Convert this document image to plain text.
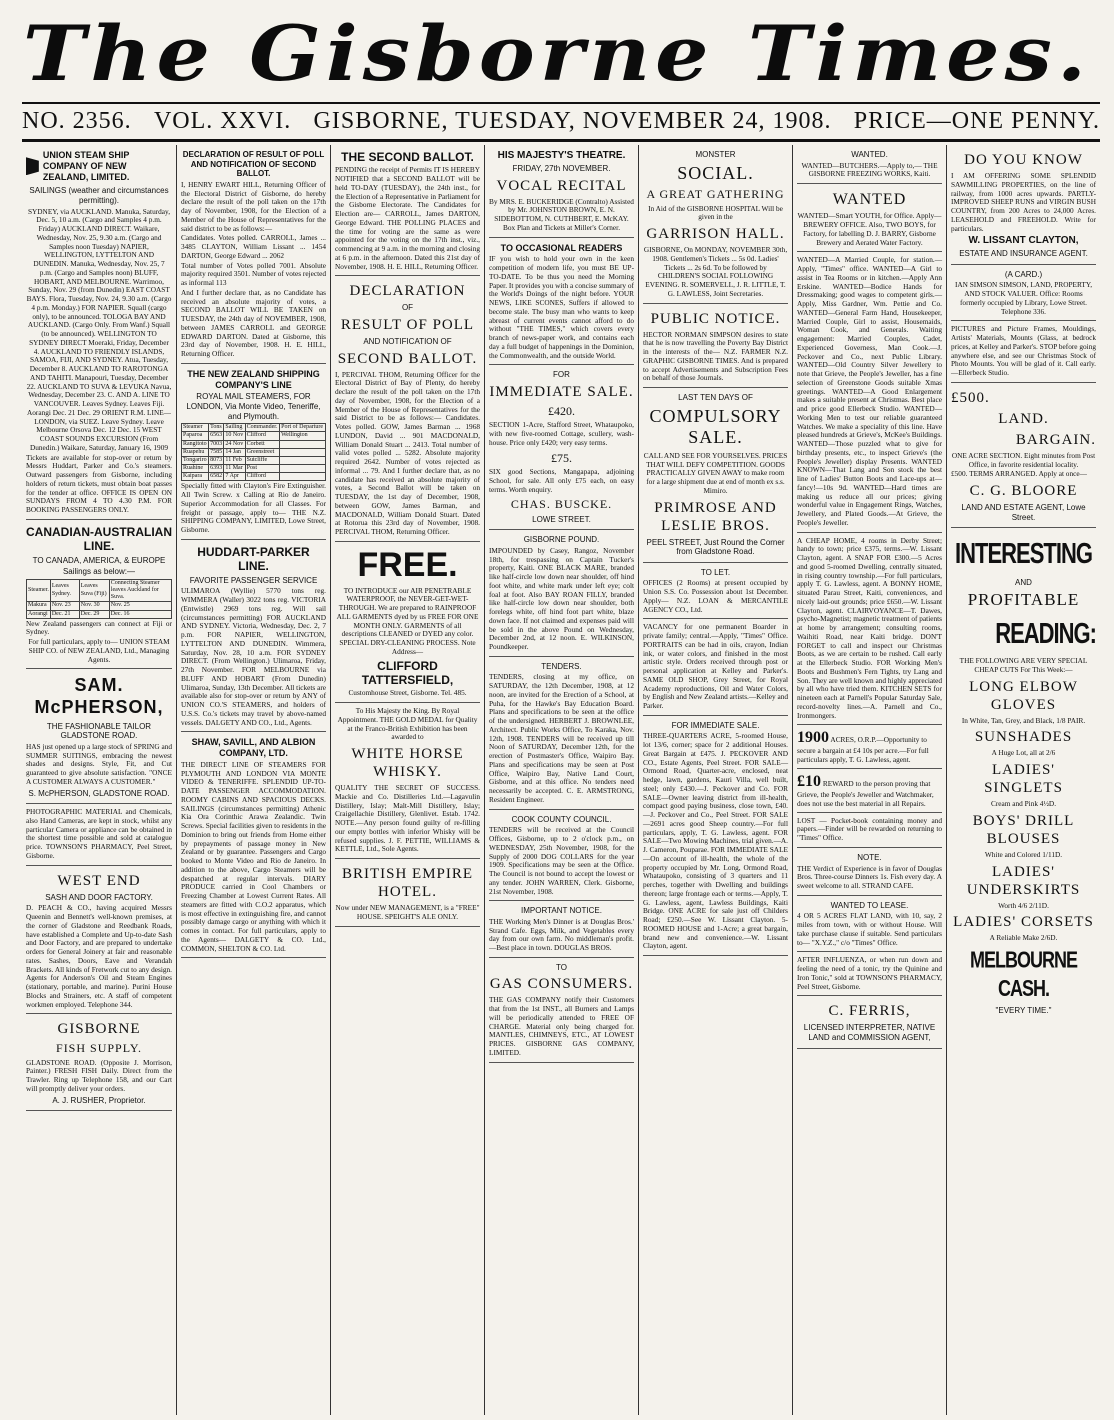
The Gisborne Times.
NO. 2356. VOL. XXVI. GISBORNE, TUESDAY, NOVEMBER 24, 1908. PRICE—ONE PENNY.
UNION STEAM SHIP COMPANY OF NEW ZEALAND, LIMITED.
SAILINGS (weather and circumstances permitting).
SYDNEY, via AUCKLAND. Manuka, Saturday, Dec. 5, 10 a.m. (Cargo and Samples 4 p.m. Friday) AUCKLAND DIRECT. Waikare, Wednesday, Nov. 25, 9.30 a.m. (Cargo and Samples noon Tuesday) NAPIER, WELLINGTON, LYTTELTON AND DUNEDIN. Manuka, Wednesday, Nov. 25, 7 p.m. (Cargo and Samples noon) BLUFF, HOBART, AND MELBOURNE. Warrimoo, Sunday, Nov. 29 (from Dunedin) EAST COAST BAYS. Flora, Tuesday, Nov. 24, 9.30 a.m. (Cargo 4 p.m. Monday.) FOR NAPIER. Squall (cargo only), to be announced. TOLOGA BAY AND AUCKLAND. (Cargo Only. From Wanf.) Squall (to be announced). WELLINGTON TO SYDNEY DIRECT Moeraki, Friday, December 4. AUCKLAND TO FRIENDLY ISLANDS, SAMOA, FIJI, AND SYDNEY. Atua, Tuesday, December 8. AUCKLAND TO RAROTONGA AND TAHITI. Manapouri, Tuesday, December 22. AUCKLAND TO SUVA & LEVUKA Navua, Wednesday, December 23. C. AND A. LINE TO VANCOUVER. Leaves Sydney. Leaves Fiji. Aorangi Dec. 21 Dec. 29 ORIENT R.M. LINE—LONDON, via SUEZ. Leave Sydney. Leave Melbourne Orsova Dec. 12 Dec. 15 WEST COAST SOUNDS EXCURSION (From Dunedin.) Waikare, Saturday, January 16, 1909
Tickets are available for stop-over or return by Messrs Huddart, Parker and Co.'s steamers. Outward passengers from Gisborne, including holders of return tickets, must obtain boat passes for the tender at office. OFFICE IS OPEN ON SUNDAYS FROM 4 TO 4.30 P.M. FOR BOOKING PASSENGERS ONLY.
CANADIAN-AUSTRALIAN LINE.
TO CANADA, AMERICA, & EUROPE
Sailings as below:—
Steamer.	Leaves Sydney.	Leaves Suva (Fiji)	Connecting Steamer leaves Auckland for Suva.
Makura	Nov. 23	Nov. 30	Nov. 25
Aorangi	Dec. 21	Dec. 29	Dec. 16
New Zealand passengers can connect at Fiji or Sydney.
For full particulars, apply to— UNION STEAM SHIP CO. of NEW ZEALAND, Ltd., Managing Agents.
SAM. McPHERSON,
THE FASHIONABLE TAILOR GLADSTONE ROAD.
HAS just opened up a large stock of SPRING and SUMMER SUITINGS, embracing the newest shades and designs. Style, Fit, and Cut guaranteed to give absolute satisfaction. "ONCE A CUSTOMER ALWAYS A CUSTOMER."
S. McPHERSON, GLADSTONE ROAD.
PHOTOGRAPHIC MATERIAL and Chemicals, also Hand Cameras, are kept in stock, whilst any particular Camera or appliance can be obtained in the shortest time possible and sold at catalogue price. TOWNSON'S PHARMACY, Peel Street, Gisborne.
WEST END
SASH AND DOOR FACTORY.
D. PEACH & CO., having acquired Messrs Queenin and Bennett's well-known premises, at the corner of Gladstone and Reedbank Roads, have established a Complete and Up-to-date Sash and Door Factory, and are prepared to undertake orders for General Joinery at fair and reasonable rates. Sashes, Doors, Eave and Verandah Brackets. All kinds of Fretwork cut to any design. Agents for Anderson's Oil and Steam Engines (stationary, portable, and marine). Purini House Blocks and Strainers, etc. A staff of competent workmen employed. Telephone 344.
GISBORNE
FISH SUPPLY.
GLADSTONE ROAD. (Opposite J. Morrison, Painter.) FRESH FISH Daily. Direct from the Trawler. Ring up Telephone 158, and our Cart will promptly deliver your orders.
A. J. RUSHER, Proprietor.
DECLARATION OF RESULT OF POLL AND NOTIFICATION OF SECOND BALLOT.
I, HENRY EWART HILL, Returning Officer of the Electoral District of Gisborne, do hereby declare the result of the poll taken on the 17th day of November, 1908, for the Election of a Member of the House of Representatives for the said district to be as follows:—
Candidates. Votes polled. CARROLL, James ... 3485 CLAYTON, William Lissant ... 1454 DARTON, George Edward ... 2062
Total number of Votes polled 7001. Absolute majority required 3501. Number of votes rejected as informal 113
And I further declare that, as no Candidate has received an absolute majority of votes, a SECOND BALLOT WILL BE TAKEN on TUESDAY, the 24th day of NOVEMBER, 1908, between JAMES CARROLL and GEORGE EDWARD DARTON. Dated at Gisborne, this 23rd day of November, 1908. H. E. HILL, Returning Officer.
THE NEW ZEALAND SHIPPING COMPANY'S LINE
ROYAL MAIL STEAMERS, FOR LONDON, Via Monte Video, Teneriffe, and Plymouth.
Steamer	Tons	Sailing	Commander.	Port of Departure
Paparoa	6563	10 Nov	Clifford	Wellington
Rangitoto	7003	24 Nov	Corbett	
Ruapehu	7585	14 Jan	Greenstreet	
Tongariro	8073	11 Feb	Sutcliffe	
Ruahine	6393	11 Mar	Post	
Kaipara	6582	7 Apr	Clifford	
Specially fitted with Clayton's Fire Extinguisher. All Twin Screw. x Calling at Rio de Janeiro. Superior Accommodation for all Classes. For freight or passage, apply to— THE N.Z. SHIPPING COMPANY, LIMITED, Lowe Street, Gisborne.
HUDDART-PARKER LINE.
FAVORITE PASSENGER SERVICE
ULIMAROA (Wyllie) 5770 tons reg. WIMMERA (Waller) 3022 tons reg. VICTORIA (Entwistle) 2969 tons reg. Will sail (circumstances permitting) FOR AUCKLAND AND SYDNEY. Victoria, Wednesday, Dec. 2, 7 p.m. FOR NAPIER, WELLINGTON, LYTTELTON AND DUNEDIN. Wimmera, Saturday, Nov. 28, 10 a.m. FOR SYDNEY DIRECT. (From Wellington.) Ulimaroa, Friday, 27th November. FOR MELBOURNE via BLUFF AND HOBART (From Dunedin) Ulimaroa, Sunday, 13th December. All tickets are available also for stop-over or return by ANY of UNION CO.'S STEAMERS, and holders of U.S.S. Co.'s tickets may travel by above-named vessels. DALGETY AND CO., Ltd., Agents.
SHAW, SAVILL, AND ALBION COMPANY, LTD.
THE DIRECT LINE OF STEAMERS FOR PLYMOUTH AND LONDON VIA MONTE VIDEO & TENERIFFE. SPLENDID UP-TO-DATE PASSENGER ACCOMMODATION. ROOMY CABINS AND SPACIOUS DECKS. SAILINGS (circumstances permitting) Athenic Kia Ora Corinthic Arawa Zealandic. Twin Screws. Special facilities given to residents in the Dominion to bring out friends from Home either by prepayments of passage money in New Zealand or by guarantee. Passengers and Cargo booked to Monte Video and Rio de Janeiro. In addition to the above, Cargo Steamers will be despatched at regular intervals. DIARY PRODUCE carried in Cool Chambers or Freezing Chamber at Lowest Current Rates. All steamers are fitted with C.O.2 apparatus, which is most effective in extinguishing fire, and cannot possibly damage cargo or anything with which it comes in contact. For full particulars, apply to the Agents— DALGETY & CO. Ltd., COMMON, SHELTON & CO. Ltd.
THE SECOND BALLOT.
PENDING the receipt of Permits IT IS HEREBY NOTIFIED that a SECOND BALLOT will be held TO-DAY (TUESDAY), the 24th inst., for the Election of a Representative in Parliament for the Gisborne Electorate. The Candidates for Election are— CARROLL, James DARTON, George Edward. THE POLLING PLACES and the time for voting are the same as were appointed for the voting on the 17th inst., viz., commencing at 9 a.m. in the morning and closing at 6 p.m. in the afternoon. Dated this 21st day of November, 1908. H. E. HILL, Returning Officer.
DECLARATION
OF
RESULT OF POLL
AND NOTIFICATION OF
SECOND BALLOT.
I, PERCIVAL THOM, Returning Officer for the Electoral District of Bay of Plenty, do hereby declare the result of the poll taken on the 17th day of November, 1908, for the Election of a Member of the House of Representatives for the said District to be as follows:— Candidates. Votes polled. GOW, James Barman ... 1968 LUNDON, David ... 901 MACDONALD, William Donald Stuart ... 2413. Total number of valid votes polled ... 5282. Absolute majority required 2642. Number of votes rejected as informal ... 79. And I further declare that, as no candidate has received an absolute majority of votes, a Second Ballot will be taken on TUESDAY, the 1st day of December, 1908, between GOW, James Barman, and MACDONALD, William Donald Stuart. Dated at Rotorua this 23rd day of November, 1908. PERCIVAL THOM, Returning Officer.
FREE.
TO INTRODUCE our AIR PENETRABLE WATERPROOF, the NEVER-GET-WET-THROUGH. We are prepared to RAINPROOF ALL GARMENTS dyed by us FREE FOR ONE MONTH ONLY. GARMENTS of all descriptions CLEANED or DYED any color. SPECIAL DRY-CLEANING PROCESS. Note Address—
CLIFFORD TATTERSFIELD,
Customhouse Street, Gisborne. Tel. 485.
To His Majesty the King. By Royal Appointment. THE GOLD MEDAL for Quality at the Franco-British Exhibition has been awarded to
WHITE HORSE WHISKY.
QUALITY THE SECRET OF SUCCESS. Mackie and Co. Distilleries Ltd.—Lagavulin Distillery, Islay; Malt-Mill Distillery, Islay; Craigellachie Distillery, Glenlivet. Estab. 1742. NOTE.—Any person found guilty of re-filling our empty bottles with inferior Whisky will be refused supplies. J. F. PETTIE, WILLIAMS & KETTLE, Ltd., Sole Agents.
BRITISH EMPIRE HOTEL.
Now under NEW MANAGEMENT, is a "FREE" HOUSE. SPEIGHT'S ALE ONLY.
HIS MAJESTY'S THEATRE.
FRIDAY, 27th NOVEMBER.
VOCAL RECITAL
By MRS. E. BUCKERIDGE (Contralto) Assisted by Mr. JOHNSTON BROWN, E. N. SIDEBOTTOM, N. CUTHBERT, E. McKAY. Box Plan and Tickets at Miller's Corner.
TO OCCASIONAL READERS
IF you wish to hold your own in the keen competition of modern life, you must BE UP-TO-DATE. To be thus you need the Morning Paper. It provides you with a concise summary of the World's Doings of the night before. YOUR NEWS, LIKE SCONES, Suffers if allowed to become stale. The busy man who wants to keep abreast of current events cannot afford to do without "THE TIMES," which covers every branch of news-paper work, and contains each day a full budget of happenings in the Dominion, the Commonwealth, and the outside World.
FOR
IMMEDIATE SALE.
£420.
SECTION 1-Acre, Stafford Street, Whataupoko, with new five-roomed Cottage, scullery, wash-house. Price only £420; very easy terms.
£75.
SIX good Sections, Mangapapa, adjoining School, for sale. All only £75 each, on easy terms. Worth enquiry.
CHAS. BUSCKE.
LOWE STREET.
GISBORNE POUND.
IMPOUNDED by Casey, Rangoz, November 18th, for trespassing on Captain Tucker's property, Kaiti. ONE BLACK MARE, branded like half-circle low down near shoulder, off hind foot white, and white mark under left eye; colt foal at foot. Also BAY ROAN FILLY, branded like half-circle low down near shoulder, both forelegs white, off hind foot part white, blaze down face. If not claimed and expenses paid will be sold in the above Pound on Wednesday, December 2nd, at 12 noon. E. WILKINSON, Poundkeeper.
TENDERS.
TENDERS, closing at my office, on SATURDAY, the 12th December, 1908, at 12 noon, are invited for the Erection of a School, at Puha, for the Hawke's Bay Education Board. Plans and specifications to be seen at the office of the undersigned. HERBERT J. BROWNLEE, Architect. Public Works Office, To Karaka, Nov. 12th, 1908. TENDERS will be received up till Noon of SATURDAY, December 12th, for the erection of Postmaster's Office, Waipiro Bay. Plans and specifications may be seen at Post Office, Waipiro Bay, Native Land Court, Gisborne, and at this office. No tenders need necessarily be accepted. C. E. ARMSTRONG, Resident Engineer.
COOK COUNTY COUNCIL.
TENDERS will be received at the Council Offices, Gisborne, up to 2 o'clock p.m., on WEDNESDAY, 25th November, 1908, for the Supply of 2000 DOG COLLARS for the year 1909. Specifications may be seen at the Office. The Council is not bound to accept the lowest or any tender. JOHN WARREN, Clerk. Gisborne, 21st November, 1908.
IMPORTANT NOTICE.
THE Working Men's Dinner is at Douglas Bros.' Strand Cafe. Eggs, Milk, and Vegetables every day from our own farm. No middleman's profit.—Best place in town. DOUGLAS BROS.
TO
GAS CONSUMERS.
THE GAS COMPANY notify their Customers that from the 1st INST., all Burners and Lamps will be periodically attended to FREE OF CHARGE. Material only being charged for. MANTLES, CHIMNEYS, ETC., AT LOWEST PRICES. GISBORNE GAS COMPANY, LIMITED.
MONSTER
SOCIAL.
A GREAT GATHERING
In Aid of the GISBORNE HOSPITAL Will be given in the
GARRISON HALL.
GISBORNE, On MONDAY, NOVEMBER 30th, 1908. Gentlemen's Tickets ... 5s 0d. Ladies' Tickets ... 2s 6d. To be followed by CHILDREN'S SOCIAL FOLLOWING EVENING. R. SOMERVELL, J. R. LITTLE, T. G. LAWLESS, Joint Secretaries.
PUBLIC NOTICE.
HECTOR NORMAN SIMPSON desires to state that he is now travelling the Poverty Bay District in the interests of the— N.Z. FARMER N.Z. GRAPHIC GISBORNE TIMES. And is prepared to accept Advertisements and Subscription Fees on behalf of those Journals.
LAST TEN DAYS OF
COMPULSORY SALE.
CALL AND SEE FOR YOURSELVES. PRICES THAT WILL DEFY COMPETITION. GOODS PRACTICALLY GIVEN AWAY to make room for a large shipment due at end of month ex s.s. Mimiro.
PRIMROSE AND LESLIE BROS.
PEEL STREET, Just Round the Corner from Gladstone Road.
TO LET.
OFFICES (2 Rooms) at present occupied by Union S.S. Co. Possession about 1st December. Apply— N.Z. LOAN & MERCANTILE AGENCY CO., Ltd.
VACANCY for one permanent Boarder in private family; central.—Apply, "Times" Office. PORTRAITS can be had in oils, crayon, Indian ink, or water colors, and finished in the most artistic style. Orders received through post or personal application at Kelley and Parker's. SAME OLD SHOP, Grey Street, for Royal Academy reproductions, Oil and Water Colors, by English and New Zealand artists.—Kelley and Parker.
FOR IMMEDIATE SALE.
THREE-QUARTERS ACRE, 5-roomed House, lot 13/6, corner; space for 2 additional Houses. Great Bargain at £475. J. PECKOVER AND CO., Estate Agents, Peel Street. FOR SALE—Ormond Road, Quarter-acre, enclosed, neat hedge, lawn, gardens, Kauri Villa, well built, steel; only £430.—J. Peckover and Co. FOR SALE—Owner leaving district from ill-health, compact good paying business, close town, £40.—J. Peckover and Co., Peel Street. FOR SALE—2691 acres good Sheep country.—For full particulars, apply, T. G. Lawless, agent. FOR SALE—Two Mowing Machines, trial given.—A. J. Cameron, Pouparae. FOR IMMEDIATE SALE—On account of ill-health, the whole of the property occupied by Mr. Long, Ormond Road, Whataupoko, consisting of 3 quarters and 11 perches, together with Dwelling and buildings thereon; large frontage each or terms.—Apply, T. G. Lawless, agent, Lawless Buildings, Kaiti Bridge. ONE ACRE for sale just off Childers Road; £250.—See W. Lissant Clayton. 5-ROOMED HOUSE and 1-Acre; a great bargain, brand new and convenience.—W. Lissant Clayton, agent.
WANTED.
WANTED—BUTCHERS.—Apply to,— THE GISBORNE FREEZING WORKS, Kaiti.
WANTED
WANTED—Smart YOUTH, for Office. Apply— BREWERY OFFICE. Also, TWO BOYS, for Factory, for labelling D. J. BARRY, Gisborne Brewery and Aerated Water Factory.
WANTED—A Married Couple, for station.—Apply, "Times" office. WANTED—A Girl to assist in Tea Rooms or in kitchen.—Apply Ann Erskine. WANTED—Bodice Hands for Dressmaking; good wages to competent girls.—Apply, Miss Gardner, Wm. Pettie and Co. WANTED—General Farm Hand, Housekeeper, Married Couple, Girl to assist, Housemaids, Woman Cook, and Generals. Waiting engagement: Married Couples, Cadet, Experienced Governess, Man Cook.—J. Peckover and Co., next Public Library. WANTED—Old Country Silver Jewellery to note that Grieve, the People's Jeweller, has a fine selection of Greenstone Goods suitable Xmas greetings. WANTED—A Good Enlargement makes a suitable present at Christmas. Best place and price good Ellerbeck Studio. WANTED—Working Men to test our reliable guaranteed Watches. We make a speciality of this line. Have pleased hundreds at Grieve's, McKee's Buildings. WANTED—Those puzzled what to give for birthday presents, etc., to inspect Grieve's (the People's Jeweller) display Presents. WANTED KNOWN—That Lang and Son stock the best line of Ladies' Button Boots and Lace-ups at—fancy!—10s 9d. WANTED—Hard times are making us reduce all our prices; giving wonderful value in Engagement Rings, Watches, Jewellery, and Plated Goods.—At Grieve, the People's Jeweller.
A CHEAP HOME, 4 rooms in Derby Street; handy to town; price £375, terms.—W. Lissant Clayton, agent. A SNAP FOR £300.—5 Acres and good 5-roomed Dwelling, centrally situated, in rising country township.—For full particulars, apply T. G. Lawless, agent. A BONNY HOME, situated Parau Street, Kaiti, conveniences, and nicely laid-out grounds; price £650.—W. Lissant Clayton, agent. CLAIRVOYANCE—T. Dawes, psycho-Magnetist; magnetic treatment of patients at home by arrangement; consulting rooms, Waihiti Road, near Kaiti bridge. DON'T FORGET to call and inspect our Christmas Boots, as we are certain to be rushed. Call early at the Ellerbeck Studio. FOR Working Men's Boots and Bushmen's Fern Tights, try Lang and Son. They are well known and highly appreciated by all who have tried them. KITCHEN SETS for nineteen each at Parnell's Popular Saturday Sale, record-novelty lines.—A. Parnell and Co., Ironmongers.
1900 ACRES, O.R.P.—Opportunity to secure a bargain at £4 10s per acre.—For full particulars apply, T. G. Lawless, agent.
£10 REWARD to the person proving that Grieve, the People's Jeweller and Watchmaker, does not use the best material in all Repairs.
LOST — Pocket-book containing money and papers.—Finder will be rewarded on returning to "Times" Office.
NOTE.
THE Verdict of Experience is in favor of Douglas Bros. Three-course Dinners 1s. Fish every day. A sweet welcome to all. STRAND CAFE.
WANTED TO LEASE.
4 OR 5 ACRES FLAT LAND, with 10, say, 2 miles from town, with or without House. Will take purchase clause if suitable. Send particulars to— "X.Y.Z.," c/o "Times" Office.
AFTER INFLUENZA, or when run down and feeling the need of a tonic, try the Quinine and Iron Tonic," sold at TOWNSON'S PHARMACY, Peel Street, Gisborne.
C. FERRIS,
LICENSED INTERPRETER, NATIVE LAND and COMMISSION AGENT,
DO YOU KNOW
I AM OFFERING SOME SPLENDID SAWMILLING PROPERTIES, on the line of railway, from 1000 acres upwards. PARTLY-IMPROVED SHEEP RUNS and VIRGIN BUSH COUNTRY, from 200 Acres to 24,000 Acres. LEASEHOLD and FREEHOLD. Write for particulars.
W. LISSANT CLAYTON,
ESTATE AND INSURANCE AGENT.
(A CARD.)
IAN SIMSON SIMSON, LAND, PROPERTY, AND STOCK VALUER. Office: Rooms formerly occupied by Library, Lowe Street. Telephone 336.
PICTURES and Picture Frames, Mouldings, Artists' Materials, Mounts (Glass, at bedrock prices, at Kelley and Parker's. STOP before going anywhere else, and see our Christmas Stock of Photo Mounts. You will be glad of it. Call early.—Ellerbeck Studio.
£500.
LAND.
BARGAIN.
ONE ACRE SECTION. Eight minutes from Post Office, in favorite residential locality.
£500. TERMS ARRANGED. Apply at once—
C. G. BLOORE
LAND AND ESTATE AGENT, Lowe Street.
INTERESTING
AND
PROFITABLE
READING:
THE FOLLOWING ARE VERY SPECIAL CHEAP CUTS For This Week:—
LONG ELBOW GLOVES
In White, Tan, Grey, and Black, 1/8 PAIR.
SUNSHADES
A Huge Lot, all at 2/6
LADIES' SINGLETS
Cream and Pink 4½D.
BOYS' DRILL BLOUSES
White and Colored 1/11D.
LADIES' UNDERSKIRTS
Worth 4/6 2/11D.
LADIES' CORSETS
A Reliable Make 2/6D.
MELBOURNE CASH.
"EVERY TIME."
